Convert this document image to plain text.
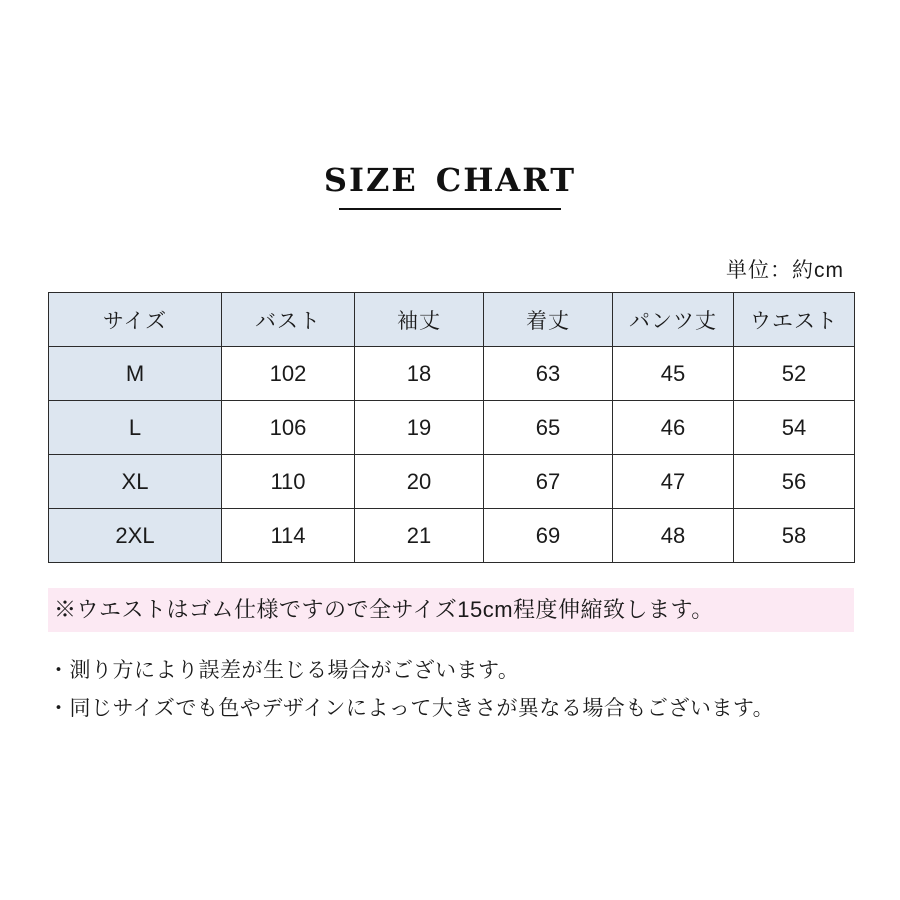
size chart
単位：約cm
サイズ	バスト	袖丈	着丈	パンツ丈	ウエスト
M	102	18	63	45	52
L	106	19	65	46	54
XL	110	20	67	47	56
2XL	114	21	69	48	58
※ウエストはゴム仕様ですので全サイズ15cm程度伸縮致します。
・測り方により誤差が生じる場合がございます。
・同じサイズでも色やデザインによって大きさが異なる場合もございます。
